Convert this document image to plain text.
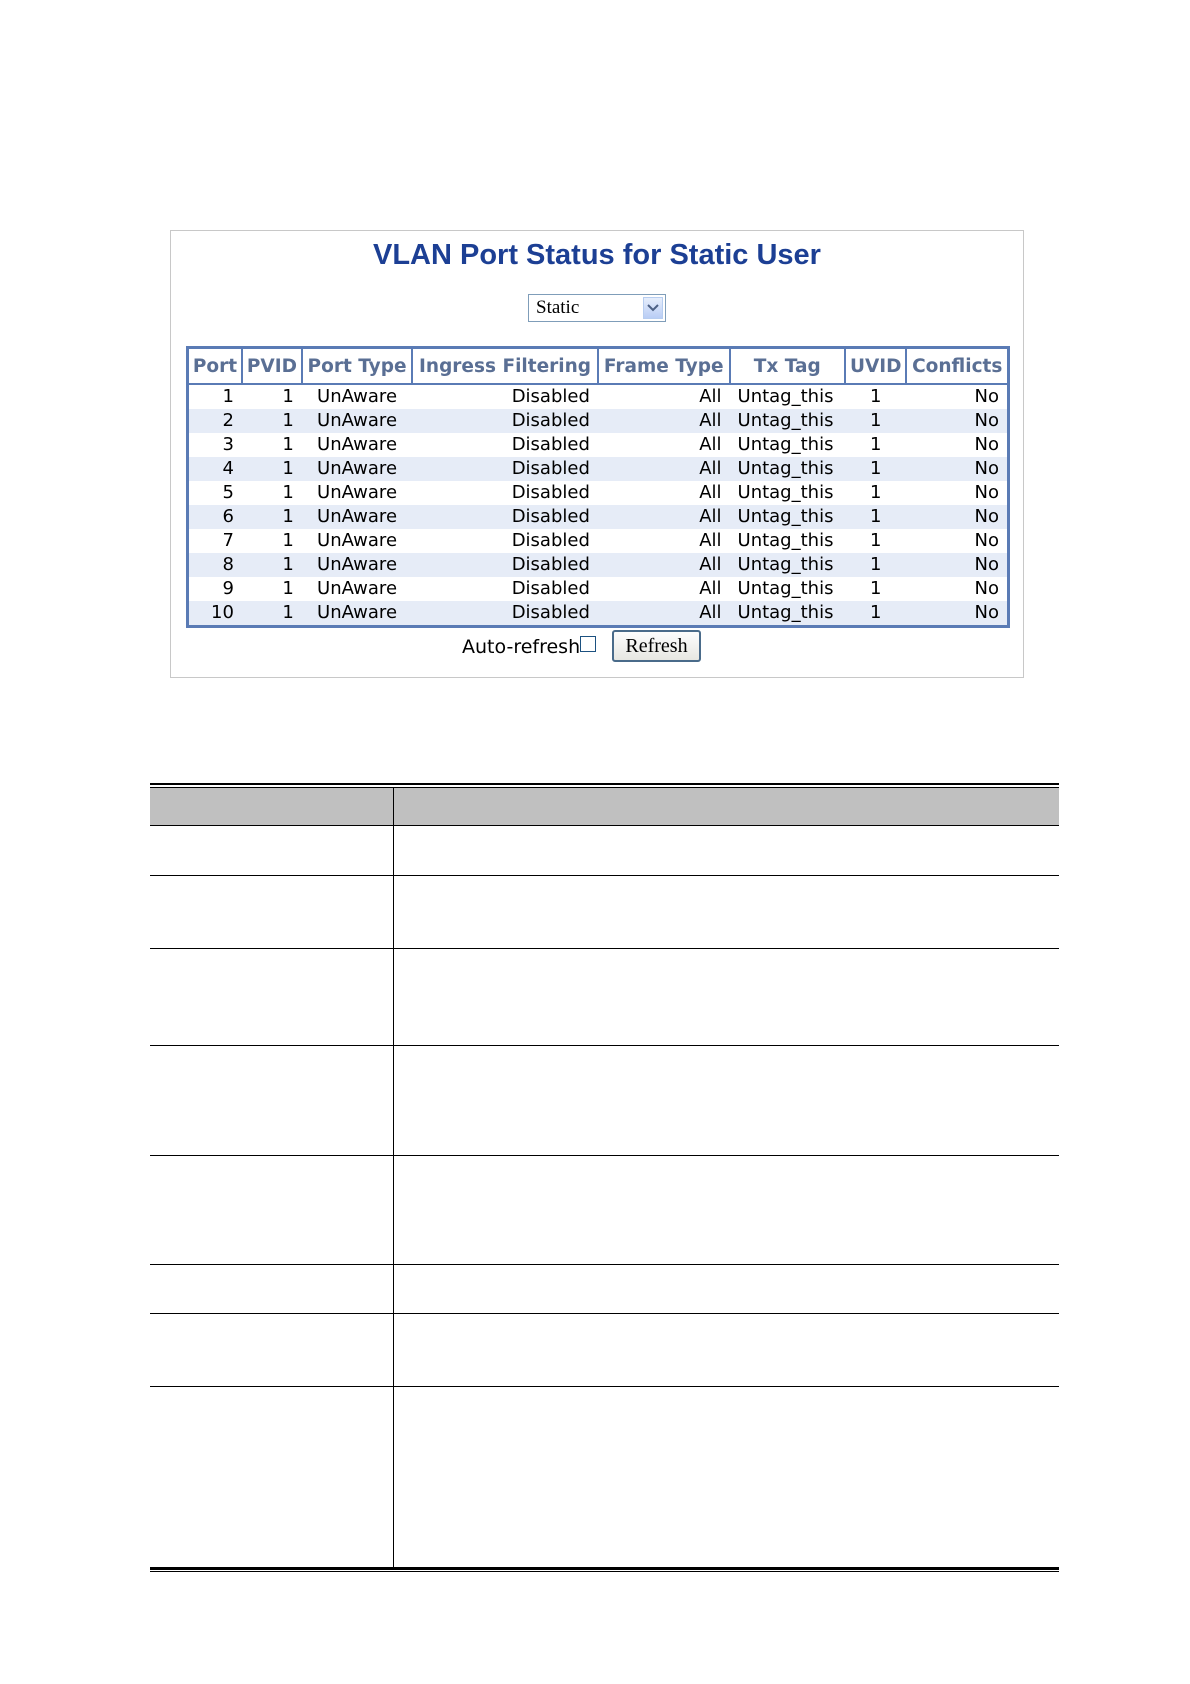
VLAN Port Status for Static User
Static
Port	PVID	Port Type	Ingress Filtering	Frame Type	Tx Tag	UVID	Conflicts
1	1	UnAware	Disabled	All	Untag_this	1	No
2	1	UnAware	Disabled	All	Untag_this	1	No
3	1	UnAware	Disabled	All	Untag_this	1	No
4	1	UnAware	Disabled	All	Untag_this	1	No
5	1	UnAware	Disabled	All	Untag_this	1	No
6	1	UnAware	Disabled	All	Untag_this	1	No
7	1	UnAware	Disabled	All	Untag_this	1	No
8	1	UnAware	Disabled	All	Untag_this	1	No
9	1	UnAware	Disabled	All	Untag_this	1	No
10	1	UnAware	Disabled	All	Untag_this	1	No
Auto-refresh	Refresh
